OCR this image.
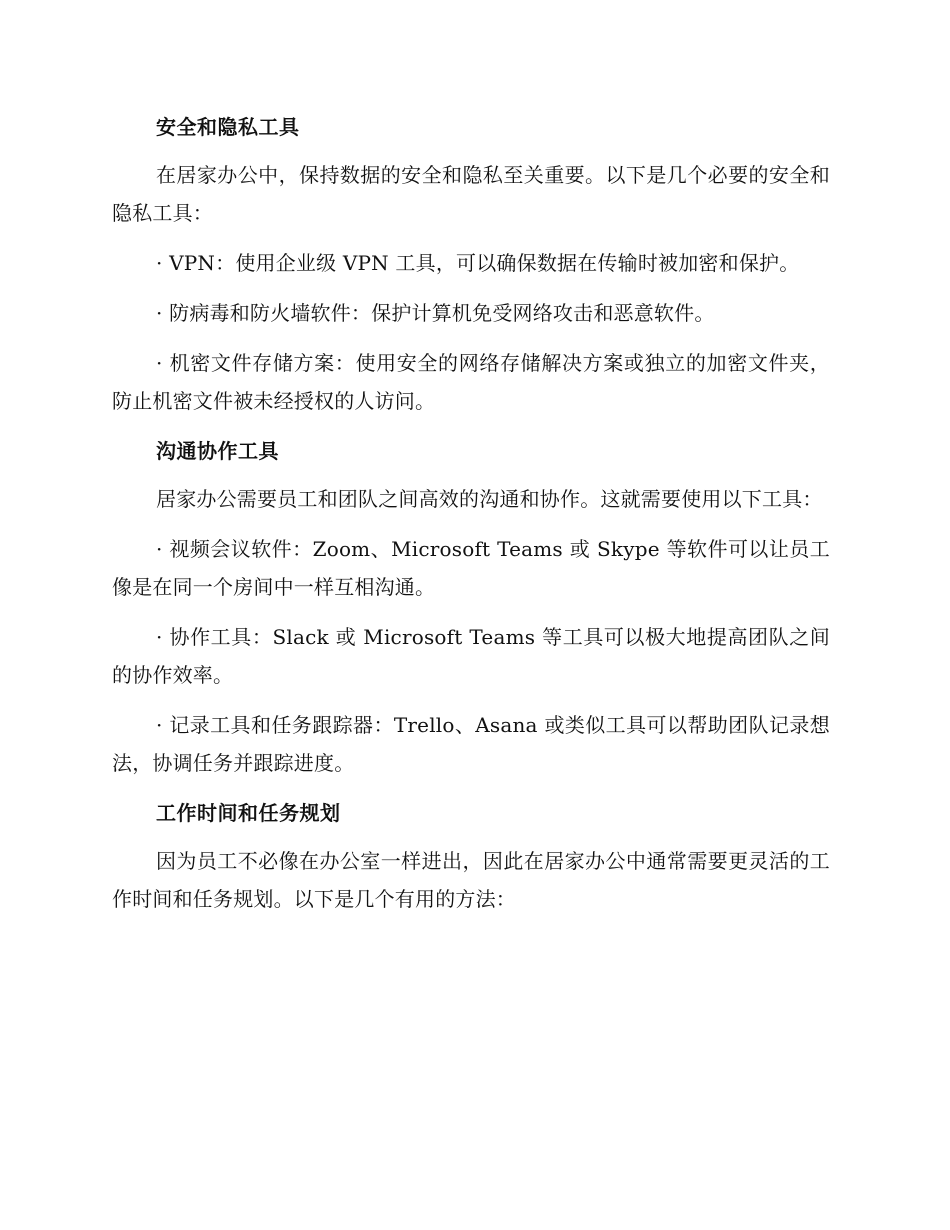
安全和隐私工具

在居家办公中，保持数据的安全和隐私至关重要。以下是几个必要的安全和隐私工具：

· VPN：使用企业级 VPN 工具，可以确保数据在传输时被加密和保护。

· 防病毒和防火墙软件：保护计算机免受网络攻击和恶意软件。

· 机密文件存储方案：使用安全的网络存储解决方案或独立的加密文件夹，防止机密文件被未经授权的人访问。

沟通协作工具

居家办公需要员工和团队之间高效的沟通和协作。这就需要使用以下工具：

· 视频会议软件：Zoom、Microsoft Teams 或 Skype 等软件可以让员工像是在同一个房间中一样互相沟通。

· 协作工具：Slack 或 Microsoft Teams 等工具可以极大地提高团队之间的协作效率。

· 记录工具和任务跟踪器：Trello、Asana 或类似工具可以帮助团队记录想法，协调任务并跟踪进度。

工作时间和任务规划

因为员工不必像在办公室一样进出，因此在居家办公中通常需要更灵活的工作时间和任务规划。以下是几个有用的方法：
